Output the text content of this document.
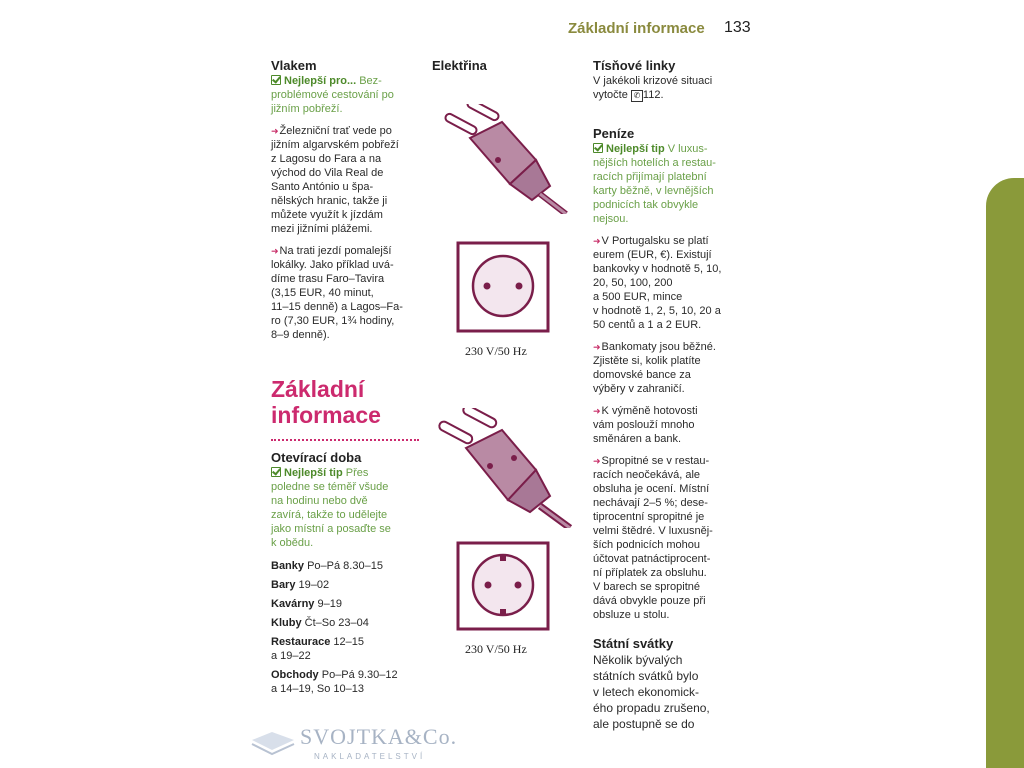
Základní informace 133
Vlakem
Nejlepší pro... Bez-
problémové cestování po
jižním pobřeží.
➜Železniční trať vede po
jižním algarvském pobřeží
z Lagosu do Fara a na
východ do Vila Real de
Santo António u špa-
nělských hranic, takže ji
můžete využít k jízdám
mezi jižními plážemi.
➜Na trati jezdí pomalejší
lokálky. Jako příklad uvá-
díme trasu Faro–Tavira
(3,15 EUR, 40 minut,
11–15 denně) a Lagos–Fa-
ro (7,30 EUR, 1¾ hodiny,
8–9 denně).
Základní
informace
Otevírací doba
Nejlepší tip Přes
poledne se téměř všude
na hodinu nebo dvě
zavírá, takže to udělejte
jako místní a posaďte se
k obědu.
Banky Po–Pá 8.30–15
Bary 19–02
Kavárny 9–19
Kluby Čt–So 23–04
Restaurace 12–15
a 19–22
Obchody Po–Pá 9.30–12
a 14–19, So 10–13
Elektřina
230 V/50 Hz
230 V/50 Hz
Tísňové linky
V jakékoli krizové situaci
vytočte ✆ 112.
Peníze
Nejlepší tip V luxus-
nějších hotelích a restau-
racích přijímají platební
karty běžně, v levnějších
podnicích tak obvykle
nejsou.
➜V Portugalsku se platí
eurem (EUR, €). Existují
bankovky v hodnotě 5, 10,
20, 50, 100, 200
a 500 EUR, mince
v hodnotě 1, 2, 5, 10, 20 a
50 centů a 1 a 2 EUR.
➜Bankomaty jsou běžné.
Zjistěte si, kolik platíte
domovské bance za
výběry v zahraničí.
➜K výměně hotovosti
vám poslouží mnoho
směnáren a bank.
➜Spropitné se v restau-
racích neočekává, ale
obsluha je ocení. Místní
nechávají 2–5 %; dese-
tiprocentní spropitné je
velmi štědré. V luxusněj-
ších podnicích mohou
účtovat patnáctiprocent-
ní příplatek za obsluhu.
V barech se spropitné
dává obvykle pouze při
obsluze u stolu.
Státní svátky
Několik bývalých
státních svátků bylo
v letech ekonomick-
ého propadu zrušeno,
ale postupně se do
SVOJTKA&Co.
NAKLADATELSTVÍ
